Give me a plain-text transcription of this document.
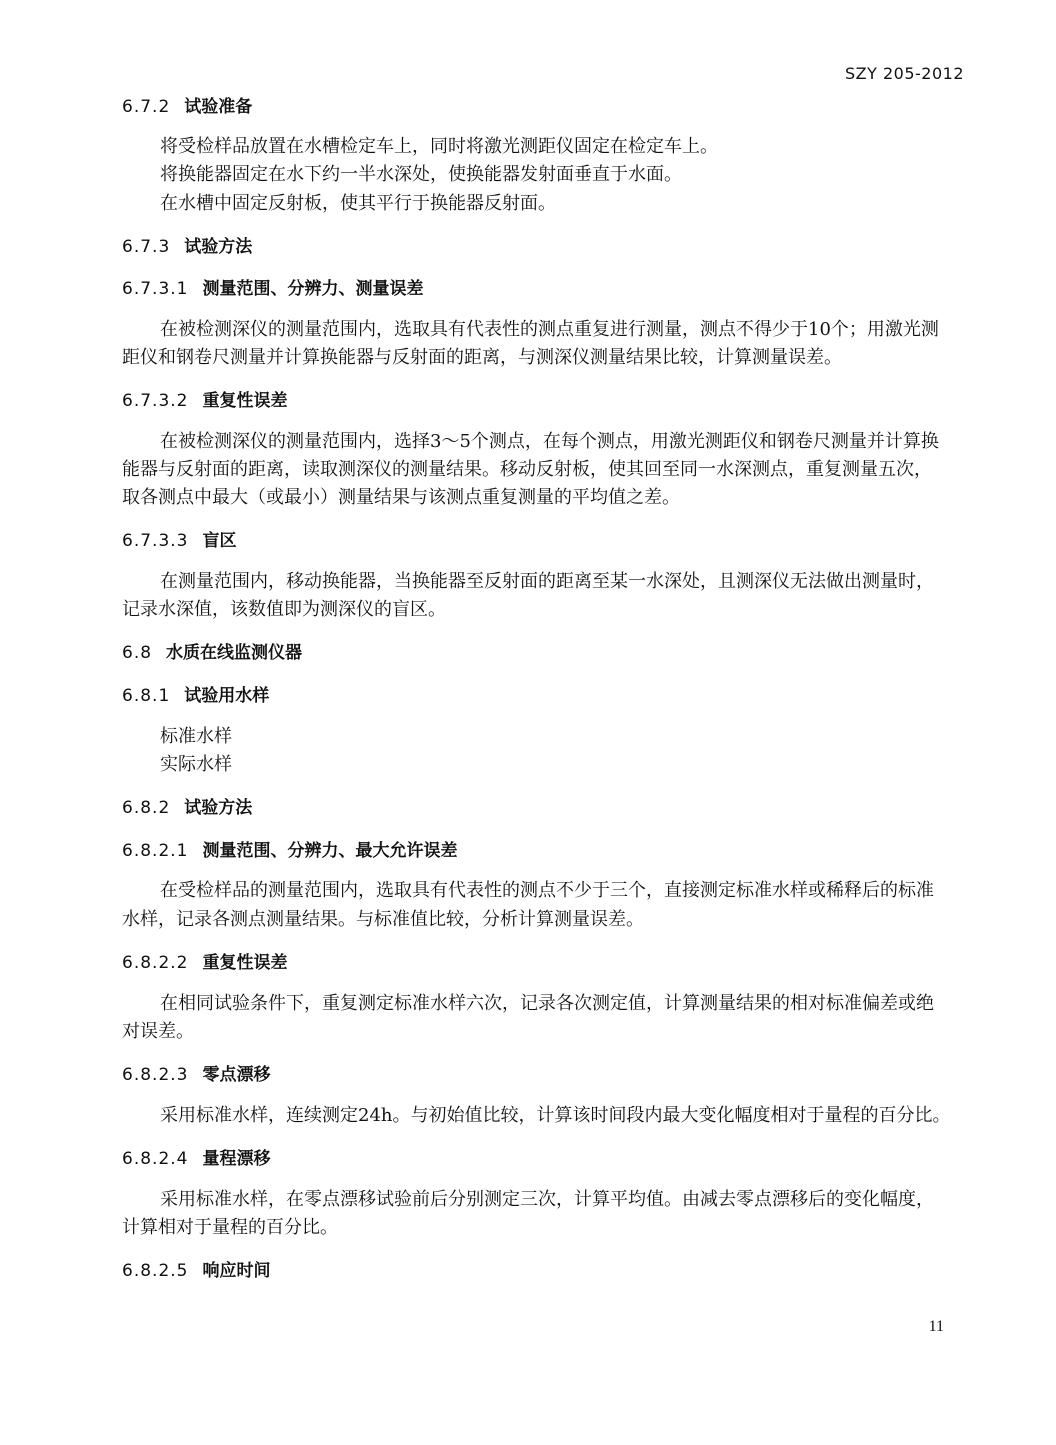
SZY 205-2012
6.7.2 试验准备
将受检样品放置在水槽检定车上，同时将激光测距仪固定在检定车上。
将换能器固定在水下约一半水深处，使换能器发射面垂直于水面。
在水槽中固定反射板，使其平行于换能器反射面。
6.7.3 试验方法
6.7.3.1 测量范围、分辨力、测量误差
在被检测深仪的测量范围内，选取具有代表性的测点重复进行测量，测点不得少于10个；用激光测
距仪和钢卷尺测量并计算换能器与反射面的距离，与测深仪测量结果比较，计算测量误差。
6.7.3.2 重复性误差
在被检测深仪的测量范围内，选择3～5个测点，在每个测点，用激光测距仪和钢卷尺测量并计算换
能器与反射面的距离，读取测深仪的测量结果。移动反射板，使其回至同一水深测点，重复测量五次，
取各测点中最大（或最小）测量结果与该测点重复测量的平均值之差。
6.7.3.3 盲区
在测量范围内，移动换能器，当换能器至反射面的距离至某一水深处，且测深仪无法做出测量时，
记录水深值，该数值即为测深仪的盲区。
6.8 水质在线监测仪器
6.8.1 试验用水样
标准水样
实际水样
6.8.2 试验方法
6.8.2.1 测量范围、分辨力、最大允许误差
在受检样品的测量范围内，选取具有代表性的测点不少于三个，直接测定标准水样或稀释后的标准
水样，记录各测点测量结果。与标准值比较，分析计算测量误差。
6.8.2.2 重复性误差
在相同试验条件下，重复测定标准水样六次，记录各次测定值，计算测量结果的相对标准偏差或绝
对误差。
6.8.2.3 零点漂移
采用标准水样，连续测定24h。与初始值比较，计算该时间段内最大变化幅度相对于量程的百分比。
6.8.2.4 量程漂移
采用标准水样，在零点漂移试验前后分别测定三次，计算平均值。由减去零点漂移后的变化幅度，
计算相对于量程的百分比。
6.8.2.5 响应时间
11
